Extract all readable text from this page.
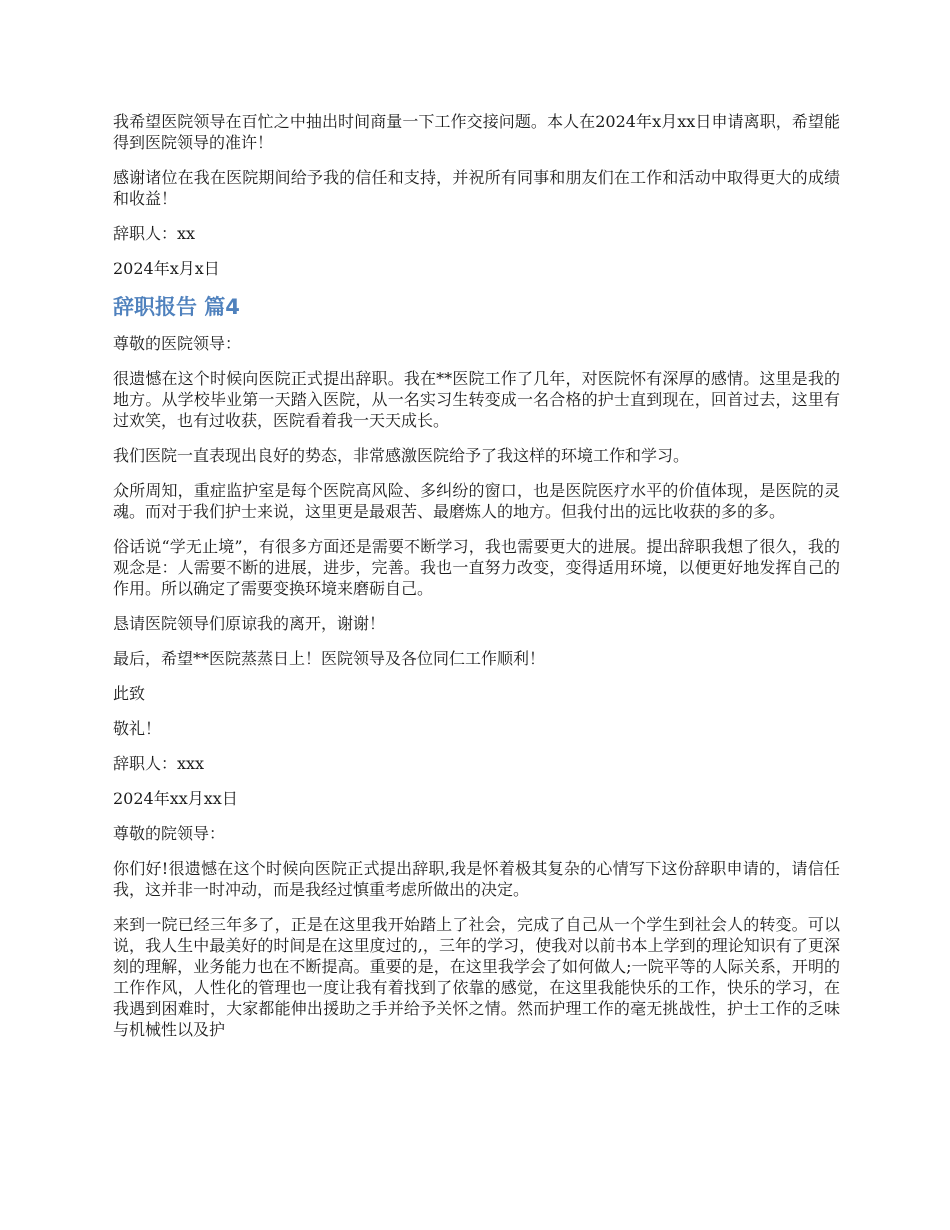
我希望医院领导在百忙之中抽出时间商量一下工作交接问题。本人在2024年x月xx日申请离职，希望能得到医院领导的准许！

感谢诸位在我在医院期间给予我的信任和支持，并祝所有同事和朋友们在工作和活动中取得更大的成绩和收益！

辞职人：xx

2024年x月x日

辞职报告 篇4

尊敬的医院领导：

很遗憾在这个时候向医院正式提出辞职。我在**医院工作了几年，对医院怀有深厚的感情。这里是我的地方。从学校毕业第一天踏入医院，从一名实习生转变成一名合格的护士直到现在，回首过去，这里有过欢笑，也有过收获，医院看着我一天天成长。

我们医院一直表现出良好的势态，非常感激医院给予了我这样的环境工作和学习。

众所周知，重症监护室是每个医院高风险、多纠纷的窗口，也是医院医疗水平的价值体现，是医院的灵魂。而对于我们护士来说，这里更是最艰苦、最磨炼人的地方。但我付出的远比收获的多的多。

俗话说“学无止境”，有很多方面还是需要不断学习，我也需要更大的进展。提出辞职我想了很久，我的观念是：人需要不断的进展，进步，完善。我也一直努力改变，变得适用环境，以便更好地发挥自己的作用。所以确定了需要变换环境来磨砺自己。

恳请医院领导们原谅我的离开，谢谢！

最后，希望**医院蒸蒸日上！医院领导及各位同仁工作顺利！

此致

敬礼！

辞职人：xxx

2024年xx月xx日

尊敬的院领导：

你们好!很遗憾在这个时候向医院正式提出辞职,我是怀着极其复杂的心情写下这份辞职申请的，请信任我，这并非一时冲动，而是我经过慎重考虑所做出的决定。

来到一院已经三年多了，正是在这里我开始踏上了社会，完成了自己从一个学生到社会人的转变。可以说，我人生中最美好的时间是在这里度过的,，三年的学习，使我对以前书本上学到的理论知识有了更深刻的理解，业务能力也在不断提高。重要的是，在这里我学会了如何做人;一院平等的人际关系，开明的工作作风，人性化的管理也一度让我有着找到了依靠的感觉，在这里我能快乐的工作，快乐的学习，在我遇到困难时，大家都能伸出援助之手并给予关怀之情。然而护理工作的毫无挑战性，护士工作的乏味与机械性以及护
